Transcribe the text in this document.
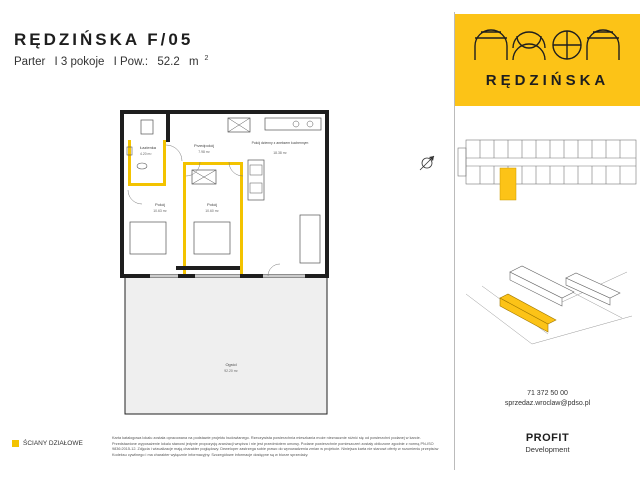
RĘDZIŃSKA F/05
Parter I 3 pokoje I Pow.: 52.2 m $^2$
Łazienka
4.20 m²
Przedpokój
7.98 m²
Pokój dzienny z aneksem kuchennym
18.38 m²
Pokój
10.63 m²
Pokój
10.60 m²
Ogród
92.20 m²
RĘDZIŃSKA
ŚCIANY DZIAŁOWE
Karta katalogowa lokalu została opracowana na podstawie projektu budowlanego. Rzeczywista powierzchnia mieszkania może nieznacznie różnić się od powierzchni podanej w karcie. Przedstawione wyposażenie lokalu stanowi jedynie propozycję aranżacji wnętrza i nie jest przedmiotem umowy. Podane powierzchnie pomieszczeń zostały obliczone zgodnie z normą PN-ISO 9836:2015-12. Zdjęcia i wizualizacje mają charakter poglądowy. Deweloper zastrzega sobie prawo do wprowadzenia zmian w projekcie. Niniejsza karta nie stanowi oferty w rozumieniu przepisów Kodeksu cywilnego i ma charakter wyłącznie informacyjny. Szczegółowe informacje dostępne są w biurze sprzedaży.
71 372 50 00
sprzedaz.wroclaw@pdso.pl
PROFIT
Development
